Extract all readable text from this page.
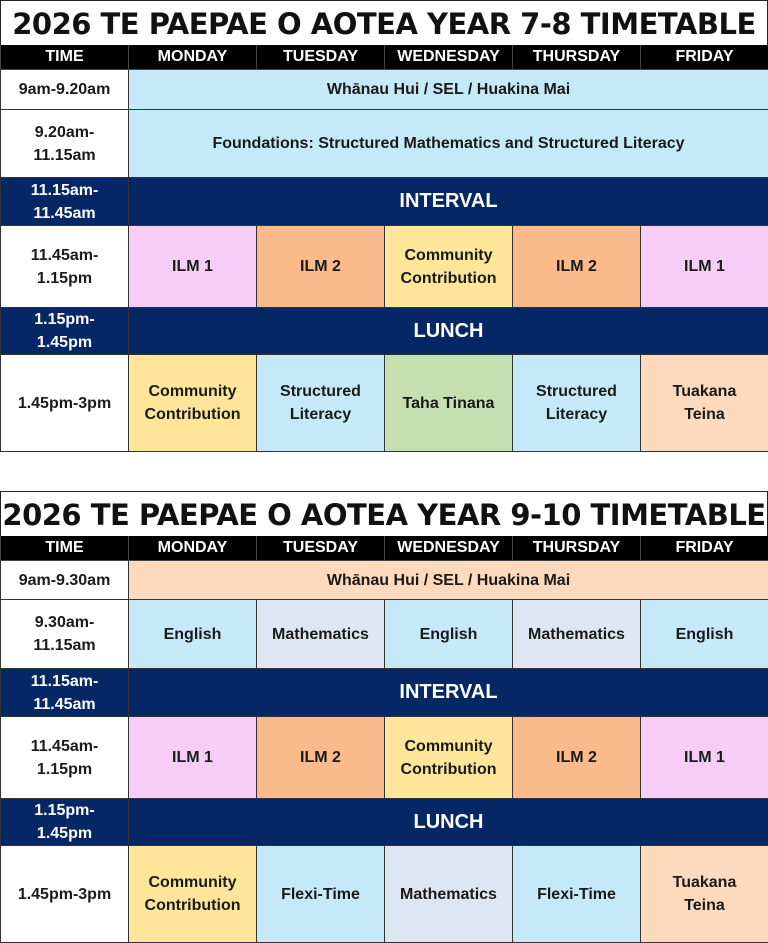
2026 TE PAEPAE O AOTEA YEAR 7-8 TIMETABLE
TIME	MONDAY	TUESDAY	WEDNESDAY	THURSDAY	FRIDAY
9am-9.20am	Whānau Hui / SEL / Huakina Mai				

9.20am-
11.15am	Foundations: Structured Mathematics and Structured Literacy				

11.15am-
11.45am	INTERVAL				

11.45am-
1.15pm	ILM 1	ILM 2	Community
Contribution	ILM 2	ILM 1

1.15pm-
1.45pm	LUNCH				
1.45pm-3pm	Community
Contribution	Structured
Literacy	Taha Tinana	Structured
Literacy	Tuakana
Teina
2026 TE PAEPAE O AOTEA YEAR 9-10 TIMETABLE
TIME	MONDAY	TUESDAY	WEDNESDAY	THURSDAY	FRIDAY
9am-9.30am	Whānau Hui / SEL / Huakina Mai				

9.30am-
11.15am	English	Mathematics	English	Mathematics	English

11.15am-
11.45am	INTERVAL				

11.45am-
1.15pm	ILM 1	ILM 2	Community
Contribution	ILM 2	ILM 1

1.15pm-
1.45pm	LUNCH				
1.45pm-3pm	Community
Contribution	Flexi-Time	Mathematics	Flexi-Time	Tuakana
Teina
